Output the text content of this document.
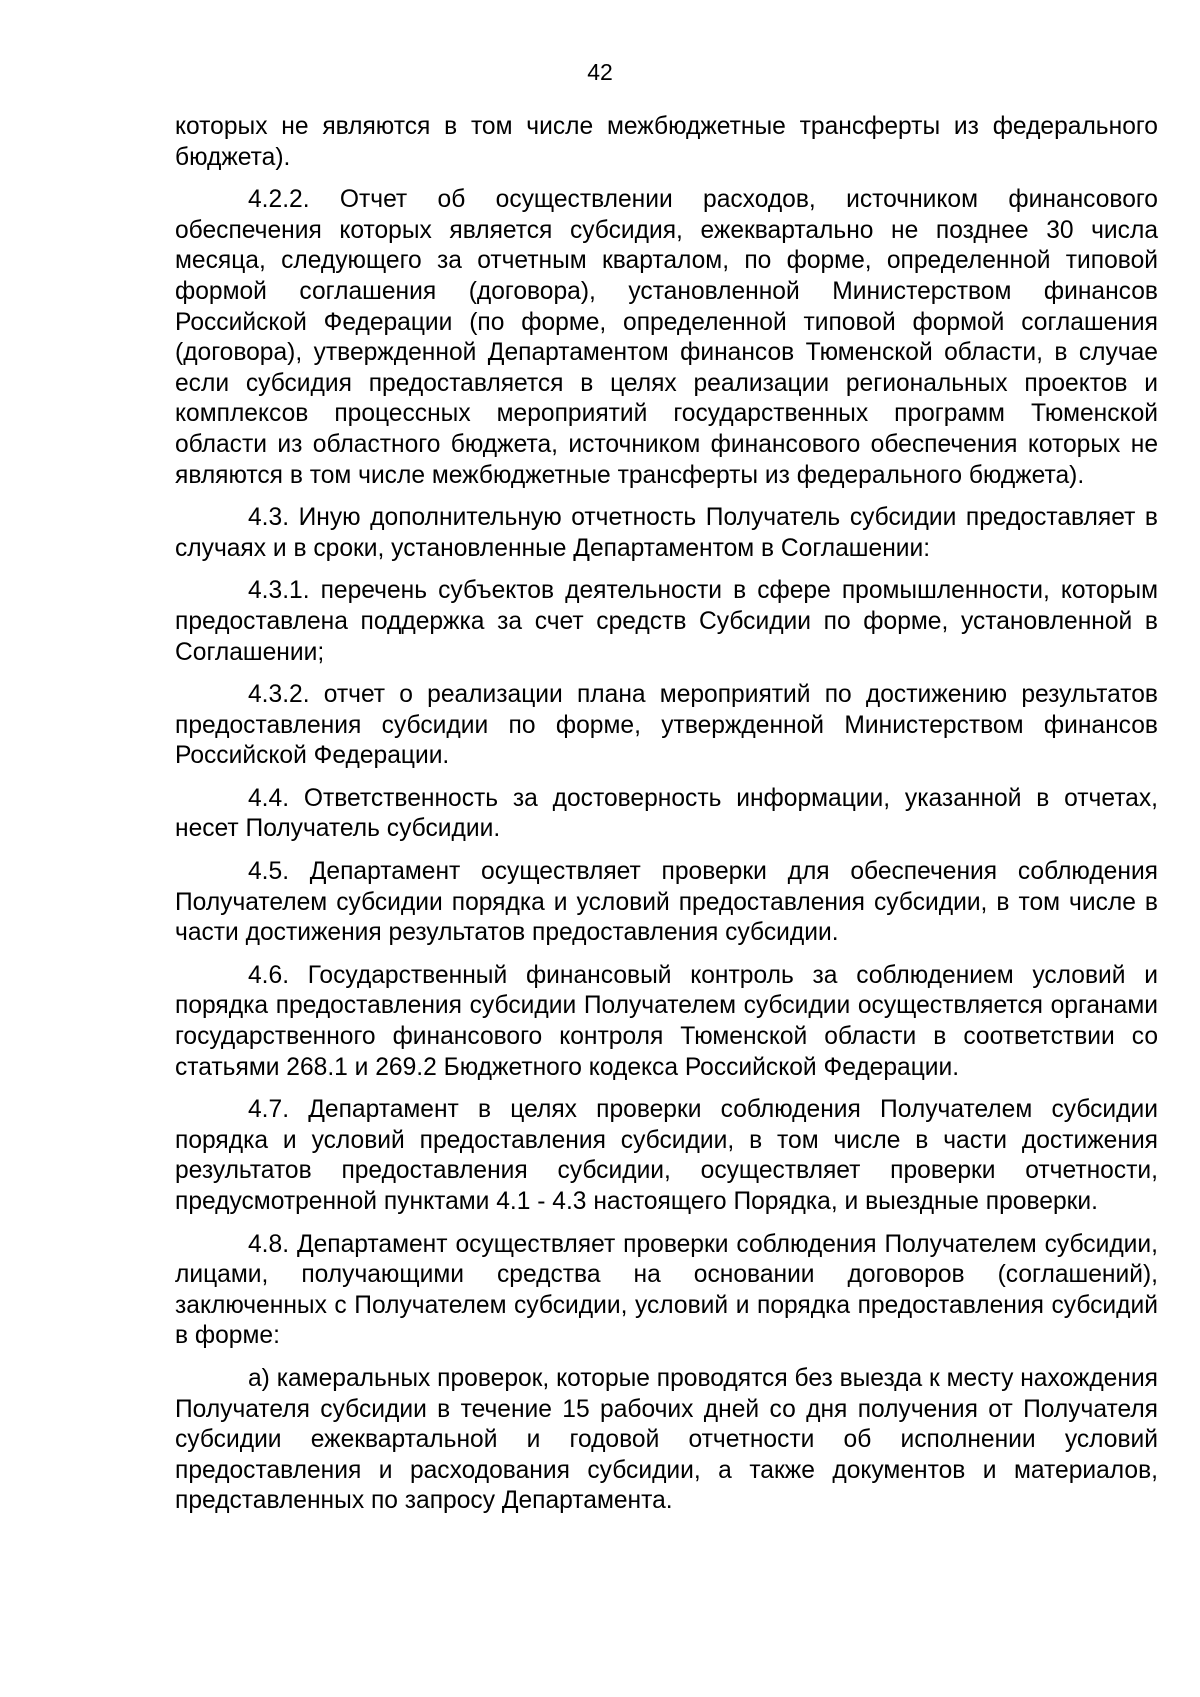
42

которых не являются в том числе межбюджетные трансферты из федерального бюджета).

4.2.2. Отчет об осуществлении расходов, источником финансового обеспечения которых является субсидия, ежеквартально не позднее 30 числа месяца, следующего за отчетным кварталом, по форме, определенной типовой формой соглашения (договора), установленной Министерством финансов Российской Федерации (по форме, определенной типовой формой соглашения (договора), утвержденной Департаментом финансов Тюменской области, в случае если субсидия предоставляется в целях реализации региональных проектов и комплексов процессных мероприятий государственных программ Тюменской области из областного бюджета, источником финансового обеспечения которых не являются в том числе межбюджетные трансферты из федерального бюджета).

4.3. Иную дополнительную отчетность Получатель субсидии предоставляет в случаях и в сроки, установленные Департаментом в Соглашении:

4.3.1. перечень субъектов деятельности в сфере промышленности, которым предоставлена поддержка за счет средств Субсидии по форме, установленной в Соглашении;

4.3.2. отчет о реализации плана мероприятий по достижению результатов предоставления субсидии по форме, утвержденной Министерством финансов Российской Федерации.

4.4. Ответственность за достоверность информации, указанной в отчетах, несет Получатель субсидии.

4.5. Департамент осуществляет проверки для обеспечения соблюдения Получателем субсидии порядка и условий предоставления субсидии, в том числе в части достижения результатов предоставления субсидии.

4.6. Государственный финансовый контроль за соблюдением условий и порядка предоставления субсидии Получателем субсидии осуществляется органами государственного финансового контроля Тюменской области в соответствии со статьями 268.1 и 269.2 Бюджетного кодекса Российской Федерации.

4.7. Департамент в целях проверки соблюдения Получателем субсидии порядка и условий предоставления субсидии, в том числе в части достижения результатов предоставления субсидии, осуществляет проверки отчетности, предусмотренной пунктами 4.1 - 4.3 настоящего Порядка, и выездные проверки.

4.8. Департамент осуществляет проверки соблюдения Получателем субсидии, лицами, получающими средства на основании договоров (соглашений), заключенных с Получателем субсидии, условий и порядка предоставления субсидий в форме:

а) камеральных проверок, которые проводятся без выезда к месту нахождения Получателя субсидии в течение 15 рабочих дней со дня получения от Получателя субсидии ежеквартальной и годовой отчетности об исполнении условий предоставления и расходования субсидии, а также документов и материалов, представленных по запросу Департамента.
